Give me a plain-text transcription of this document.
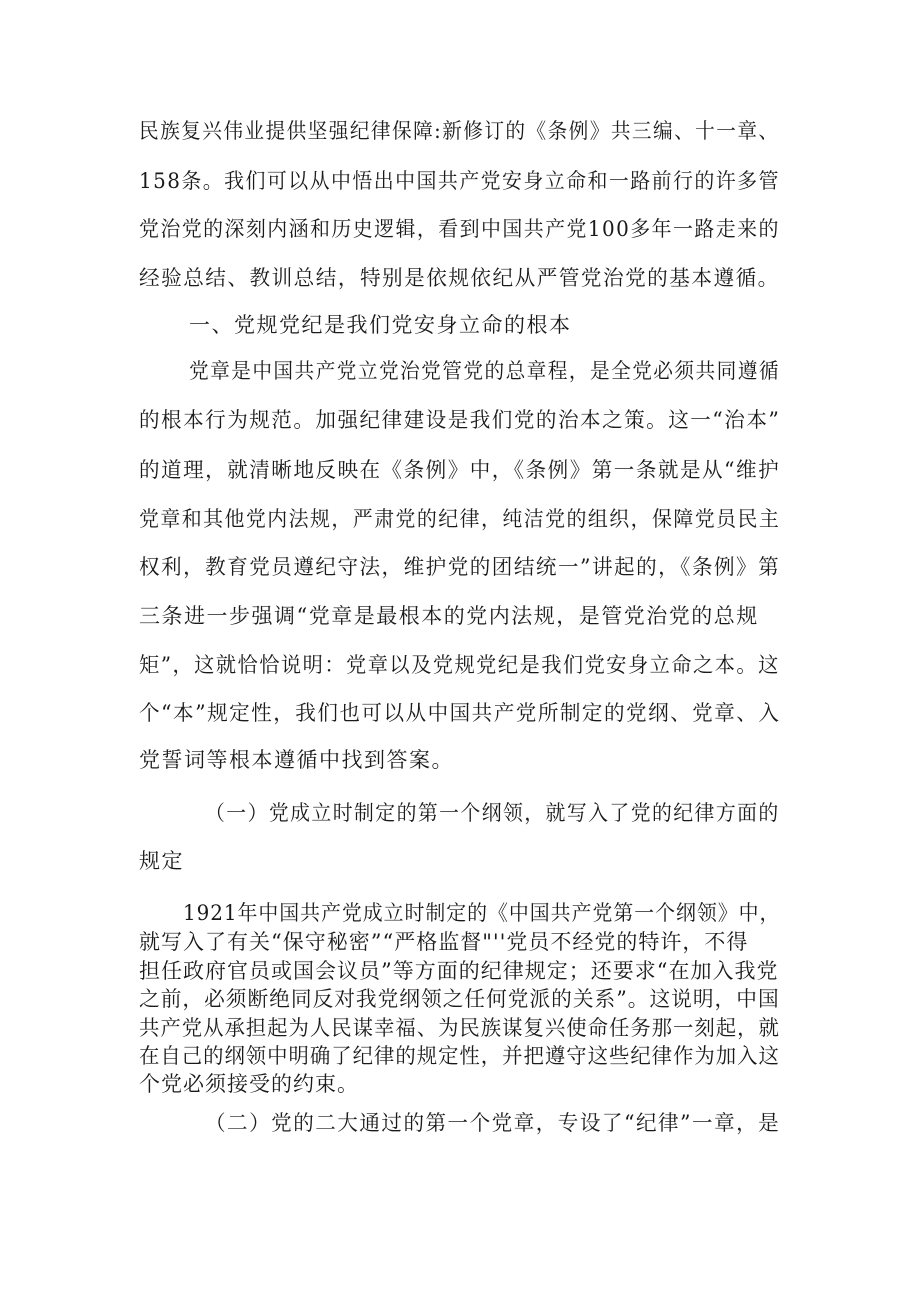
民族复兴伟业提供坚强纪律保障:新修订的《条例》共三编、十一章、
158条。我们可以从中悟出中国共产党安身立命和一路前行的许多管
党治党的深刻内涵和历史逻辑，看到中国共产党100多年一路走来的
经验总结、教训总结，特别是依规依纪从严管党治党的基本遵循。
一、党规党纪是我们党安身立命的根本
党章是中国共产党立党治党管党的总章程，是全党必须共同遵循
的根本行为规范。加强纪律建设是我们党的治本之策。这一“治本”
的道理，就清晰地反映在《条例》中，《条例》第一条就是从“维护
党章和其他党内法规，严肃党的纪律，纯洁党的组织，保障党员民主
权利，教育党员遵纪守法，维护党的团结统一”讲起的，《条例》第
三条进一步强调“党章是最根本的党内法规，是管党治党的总规
矩”，这就恰恰说明：党章以及党规党纪是我们党安身立命之本。这
个“本”规定性，我们也可以从中国共产党所制定的党纲、党章、入
党誓词等根本遵循中找到答案。
（一）党成立时制定的第一个纲领，就写入了党的纪律方面的
规定
1921年中国共产党成立时制定的《中国共产党第一个纲领》中，
就写入了有关“保守秘密”“严格监督"''党员不经党的特许，不得
担任政府官员或国会议员”等方面的纪律规定；还要求“在加入我党
之前，必须断绝同反对我党纲领之任何党派的关系”。这说明，中国
共产党从承担起为人民谋幸福、为民族谋复兴使命任务那一刻起，就
在自己的纲领中明确了纪律的规定性，并把遵守这些纪律作为加入这
个党必须接受的约束。
（二）党的二大通过的第一个党章，专设了“纪律”一章，是
